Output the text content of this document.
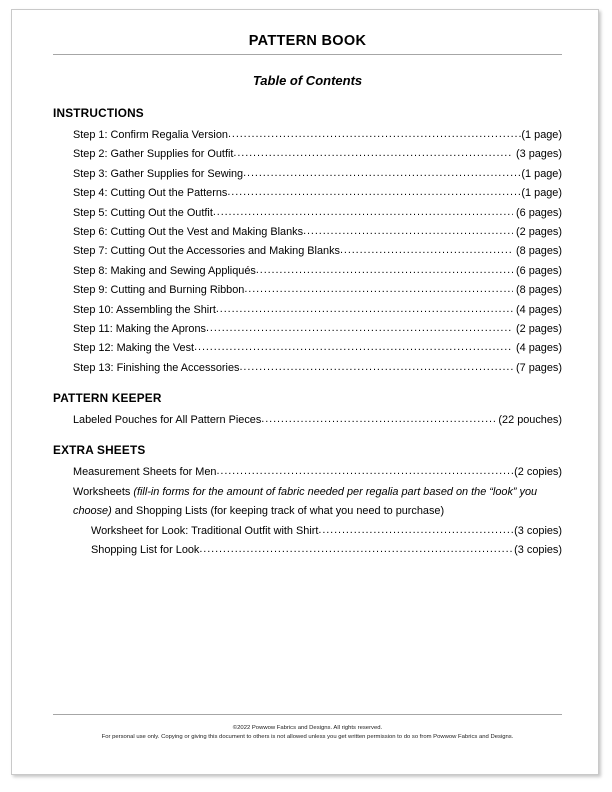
PATTERN BOOK
Table of Contents
INSTRUCTIONS
Step 1: Confirm Regalia Version .....	(1 page)
Step 2: Gather Supplies for Outfit .....	(3 pages)
Step 3: Gather Supplies for Sewing .....	(1 page)
Step 4: Cutting Out the Patterns .....	(1 page)
Step 5: Cutting Out the Outfit .....	(6 pages)
Step 6: Cutting Out the Vest and Making Blanks .....	(2 pages)
Step 7: Cutting Out the Accessories and Making Blanks .....	(8 pages)
Step 8: Making and Sewing Appliqués .....	(6 pages)
Step 9: Cutting and Burning Ribbon .....	(8 pages)
Step 10: Assembling the Shirt .....	(4 pages)
Step 11: Making the Aprons .....	(2 pages)
Step 12: Making the Vest .....	(4 pages)
Step 13: Finishing the Accessories .....	(7 pages)
PATTERN KEEPER
Labeled Pouches for All Pattern Pieces .....	(22 pouches)
EXTRA SHEETS
Measurement Sheets for Men .....	(2 copies)

Worksheets (fill-in forms for the amount of fabric needed per regalia part based on the “look” you choose) and Shopping Lists (for keeping track of what you need to purchase)

Worksheet for Look: Traditional Outfit with Shirt .....	(3 copies)
Shopping List for Look .....	(3 copies)
©2022 Powwow Fabrics and Designs. All rights reserved.
For personal use only. Copying or giving this document to others is not allowed unless you get written permission to do so from Powwow Fabrics and Designs.
